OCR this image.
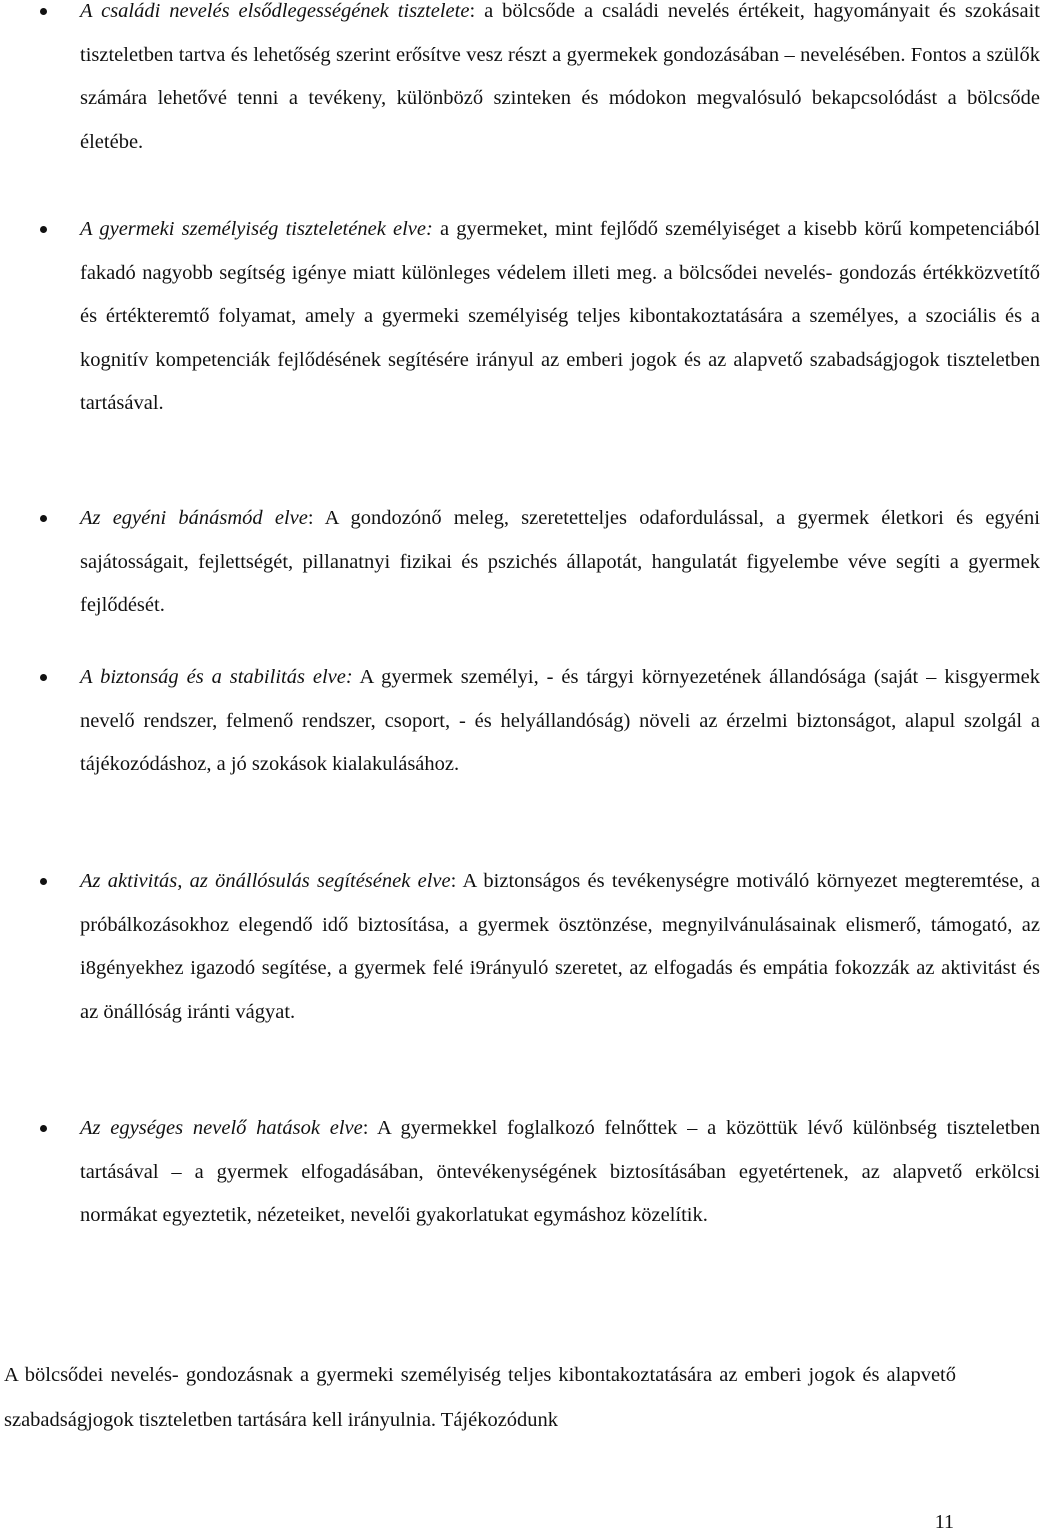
A családi nevelés elsődlegességének tisztelete: a bölcsőde a családi nevelés értékeit, hagyományait és szokásait tiszteletben tartva és lehetőség szerint erősítve vesz részt a gyermekek gondozásában – nevelésében. Fontos a szülők számára lehetővé tenni a tevékeny, különböző szinteken és módokon megvalósuló bekapcsolódást a bölcsőde életébe.
A gyermeki személyiség tiszteletének elve: a gyermeket, mint fejlődő személyiséget a kisebb körű kompetenciából fakadó nagyobb segítség igénye miatt különleges védelem illeti meg. a bölcsődei nevelés- gondozás értékközvetítő és értékteremtő folyamat, amely a gyermeki személyiség teljes kibontakoztatására a személyes, a szociális és a kognitív kompetenciák fejlődésének segítésére irányul az emberi jogok és az alapvető szabadságjogok tiszteletben tartásával.
Az egyéni bánásmód elve: A gondozónő meleg, szeretetteljes odafordulással, a gyermek életkori és egyéni sajátosságait, fejlettségét, pillanatnyi fizikai és pszichés állapotát, hangulatát figyelembe véve segíti a gyermek fejlődését.
A biztonság és a stabilitás elve: A gyermek személyi, - és tárgyi környezetének állandósága (saját – kisgyermek nevelő rendszer, felmenő rendszer, csoport, - és helyállandóság) növeli az érzelmi biztonságot, alapul szolgál a tájékozódáshoz, a jó szokások kialakulásához.
Az aktivitás, az önállósulás segítésének elve: A biztonságos és tevékenységre motiváló környezet megteremtése, a próbálkozásokhoz elegendő idő biztosítása, a gyermek ösztönzése, megnyilvánulásainak elismerő, támogató, az i8gényekhez igazodó segítése, a gyermek felé i9rányuló szeretet, az elfogadás és empátia fokozzák az aktivitást és az önállóság iránti vágyat.
Az egységes nevelő hatások elve: A gyermekkel foglalkozó felnőttek – a közöttük lévő különbség tiszteletben tartásával – a gyermek elfogadásában, öntevékenységének biztosításában egyetértenek, az alapvető erkölcsi normákat egyeztetik, nézeteiket, nevelői gyakorlatukat egymáshoz közelítik.

A bölcsődei nevelés- gondozásnak a gyermeki személyiség teljes kibontakoztatására az emberi jogok és alapvető szabadságjogok tiszteletben tartására kell irányulnia. Tájékozódunk

11
